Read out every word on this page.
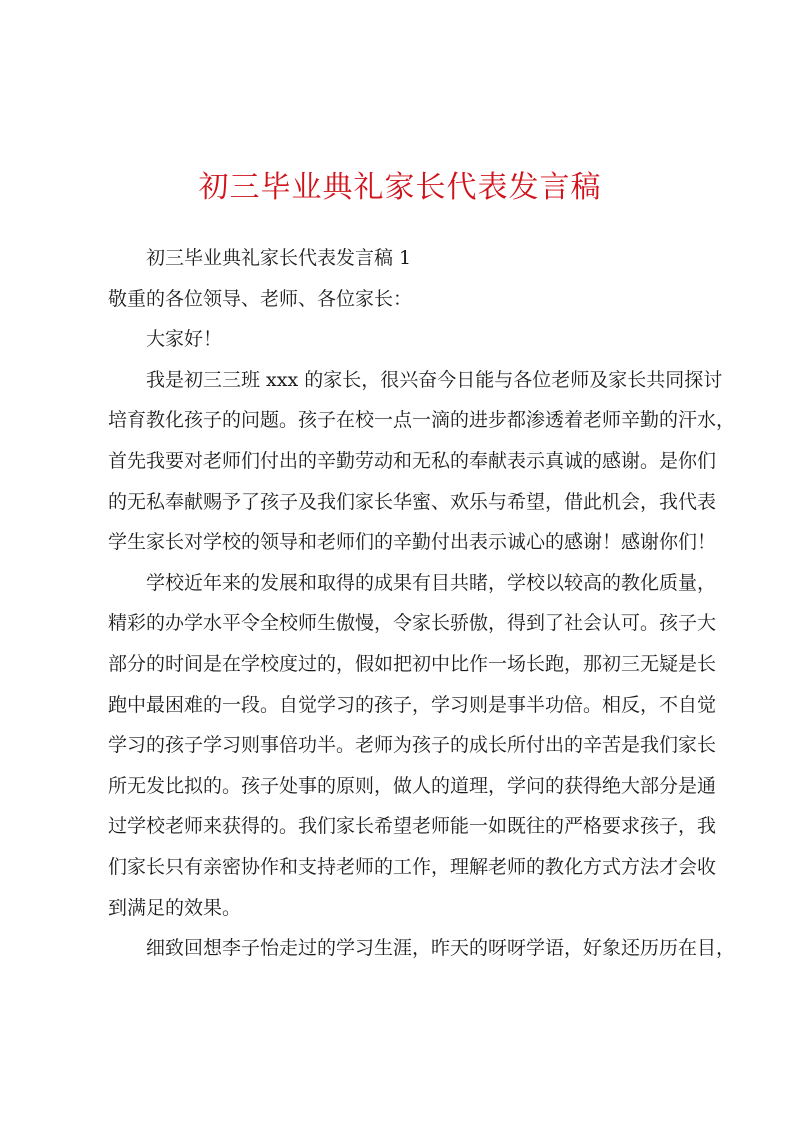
初三毕业典礼家长代表发言稿
初三毕业典礼家长代表发言稿 1
敬重的各位领导、老师、各位家长：
大家好！
我是初三三班 xxx 的家长，很兴奋今日能与各位老师及家长共同探讨
培育教化孩子的问题。孩子在校一点一滴的进步都渗透着老师辛勤的汗水，
首先我要对老师们付出的辛勤劳动和无私的奉献表示真诚的感谢。是你们
的无私奉献赐予了孩子及我们家长华蜜、欢乐与希望，借此机会，我代表
学生家长对学校的领导和老师们的辛勤付出表示诚心的感谢！感谢你们！
学校近年来的发展和取得的成果有目共睹，学校以较高的教化质量，
精彩的办学水平令全校师生傲慢，令家长骄傲，得到了社会认可。孩子大
部分的时间是在学校度过的，假如把初中比作一场长跑，那初三无疑是长
跑中最困难的一段。自觉学习的孩子，学习则是事半功倍。相反，不自觉
学习的孩子学习则事倍功半。老师为孩子的成长所付出的辛苦是我们家长
所无发比拟的。孩子处事的原则，做人的道理，学问的获得绝大部分是通
过学校老师来获得的。我们家长希望老师能一如既往的严格要求孩子，我
们家长只有亲密协作和支持老师的工作，理解老师的教化方式方法才会收
到满足的效果。
细致回想李子怡走过的学习生涯，昨天的呀呀学语，好象还历历在目，
